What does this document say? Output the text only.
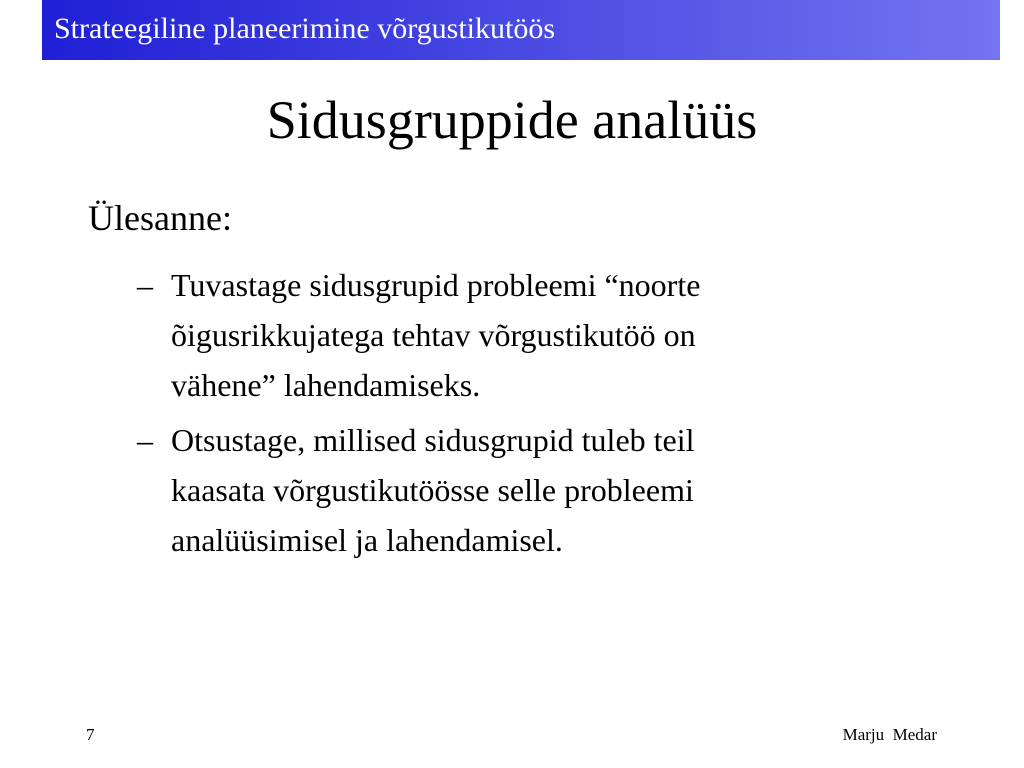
Strateegiline planeerimine võrgustikutöös
Sidusgruppide analüüs
Ülesanne:
– Tuvastage sidusgrupid probleemi “noorte
õigusrikkujatega tehtav võrgustikutöö on
vähene” lahendamiseks.
– Otsustage, millised sidusgrupid tuleb teil
kaasata võrgustikutöösse selle probleemi
analüüsimisel ja lahendamisel.
7	Marju  Medar
